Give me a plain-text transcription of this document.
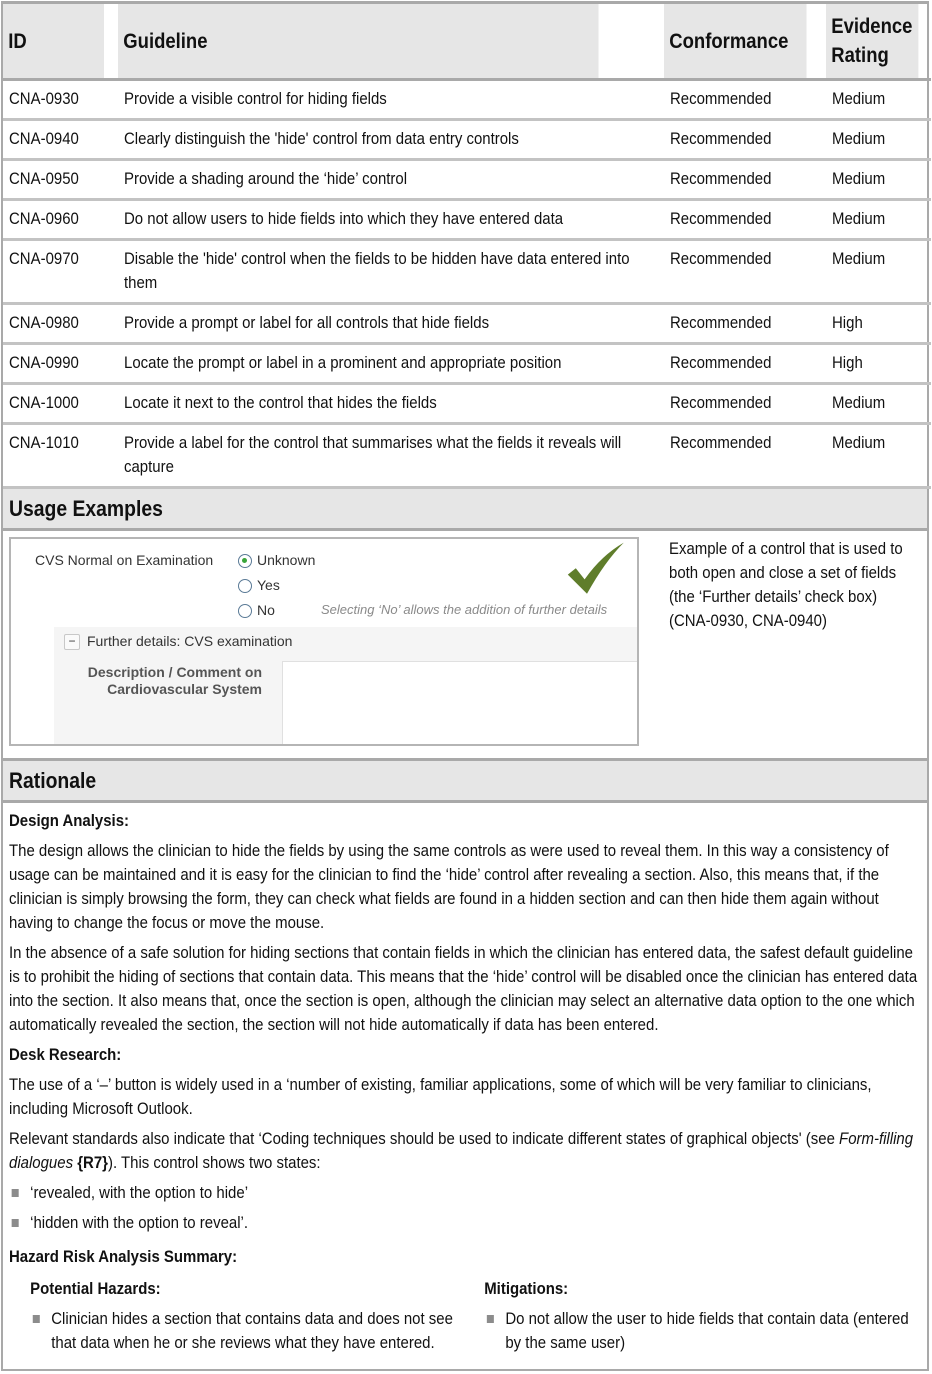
ID	Guideline	Conformance	Evidence
Rating

CNA-0930	Provide a visible control for hiding fields	Recommended	Medium
CNA-0940	Clearly distinguish the 'hide' control from data entry controls	Recommended	Medium
CNA-0950	Provide a shading around the ‘hide’ control	Recommended	Medium
CNA-0960	Do not allow users to hide fields into which they have entered data	Recommended	Medium
CNA-0970	Disable the 'hide' control when the fields to be hidden have data entered into them	Recommended	Medium
CNA-0980	Provide a prompt or label for all controls that hide fields	Recommended	High
CNA-0990	Locate the prompt or label in a prominent and appropriate position	Recommended	High
CNA-1000	Locate it next to the control that hides the fields	Recommended	Medium
CNA-1010	Provide a label for the control that summarises what the fields it reveals will capture	Recommended	Medium
Usage Examples
CVS Normal on Examination	Unknown
Yes
No	Selecting ‘No’ allows the addition of further details
− Further details: CVS examination
Description / Comment on
Cardiovascular System
Example of a control that is used to both open and close a set of fields (the ‘Further details’ check box) (CNA-0930, CNA-0940)
Rationale
Design Analysis:

The design allows the clinician to hide the fields by using the same controls as were used to reveal them. In this way a consistency of usage can be maintained and it is easy for the clinician to find the ‘hide’ control after revealing a section. Also, this means that, if the clinician is simply browsing the form, they can check what fields are found in a hidden section and can then hide them again without having to change the focus or move the mouse.

In the absence of a safe solution for hiding sections that contain fields in which the clinician has entered data, the safest default guideline is to prohibit the hiding of sections that contain data. This means that the ‘hide’ control will be disabled once the clinician has entered data into the section. It also means that, once the section is open, although the clinician may select an alternative data option to the one which automatically revealed the section, the section will not hide automatically if data has been entered.

Desk Research:

The use of a ‘–’ button is widely used in a ‘number of existing, familiar applications, some of which will be very familiar to clinicians, including Microsoft Outlook.

Relevant standards also indicate that ‘Coding techniques should be used to indicate different states of graphical objects' (see Form-filling dialogues {R7}). This control shows two states:

‘revealed, with the option to hide’
‘hidden with the option to reveal’.
Hazard Risk Analysis Summary:
Potential Hazards:
Clinician hides a section that contains data and does not see that data when he or she reviews what they have entered.
Mitigations:
Do not allow the user to hide fields that contain data (entered by the same user)
